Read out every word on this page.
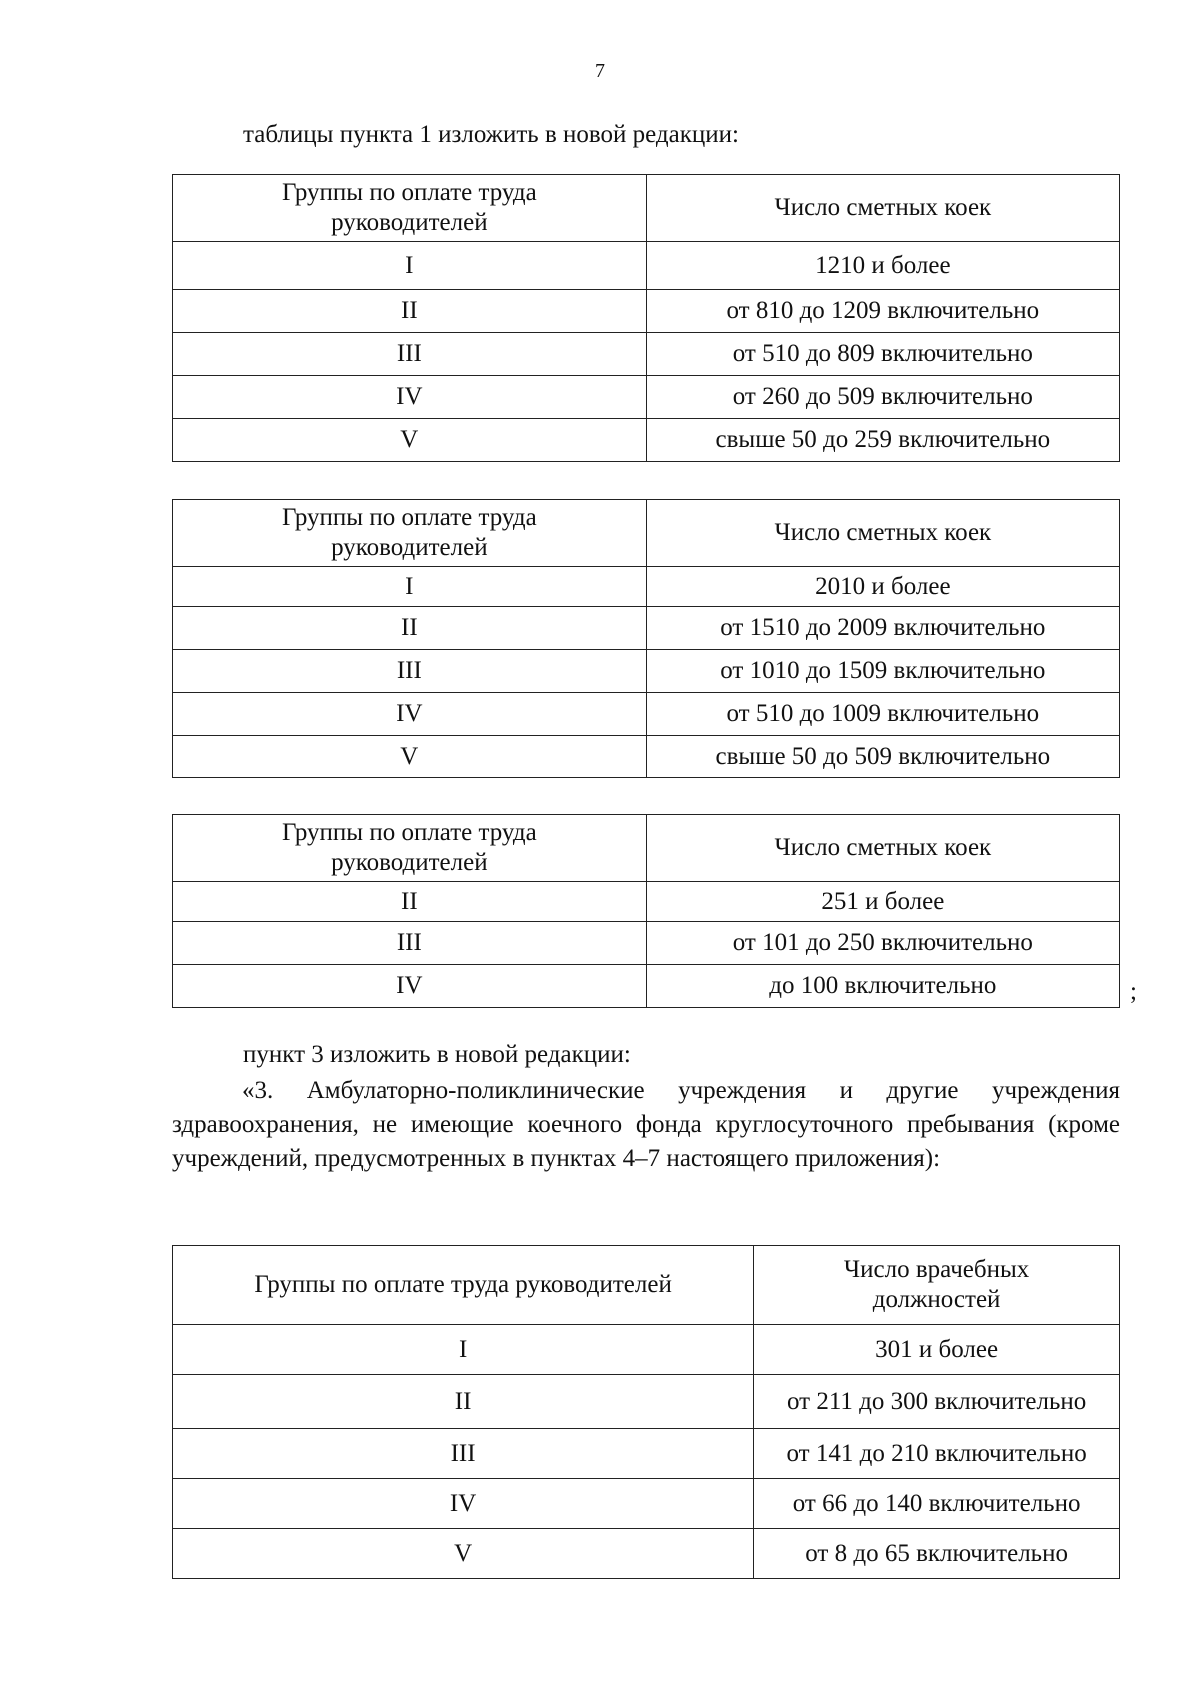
7
таблицы пункта 1 изложить в новой редакции:
Группы по оплате труда руководителей	Число сметных коек
I	1210 и более
II	от 810 до 1209 включительно
III	от 510 до 809 включительно
IV	от 260 до 509 включительно
V	свыше 50 до 259 включительно
Группы по оплате труда руководителей	Число сметных коек
I	2010 и более
II	от 1510 до 2009 включительно
III	от 1010 до 1509 включительно
IV	от 510 до 1009 включительно
V	свыше 50 до 509 включительно
Группы по оплате труда руководителей	Число сметных коек
II	251 и более
III	от 101 до 250 включительно
IV	до 100 включительно	;
пункт 3 изложить в новой редакции:
«3. Амбулаторно-поликлинические учреждения и другие учреждения здравоохранения, не имеющие коечного фонда круглосуточного пребывания (кроме учреждений, предусмотренных в пунктах 4–7 настоящего приложения):
Группы по оплате труда руководителей	Число врачебных должностей
I	301 и более
II	от 211 до 300 включительно
III	от 141 до 210 включительно
IV	от 66 до 140 включительно
V	от 8 до 65 включительно
